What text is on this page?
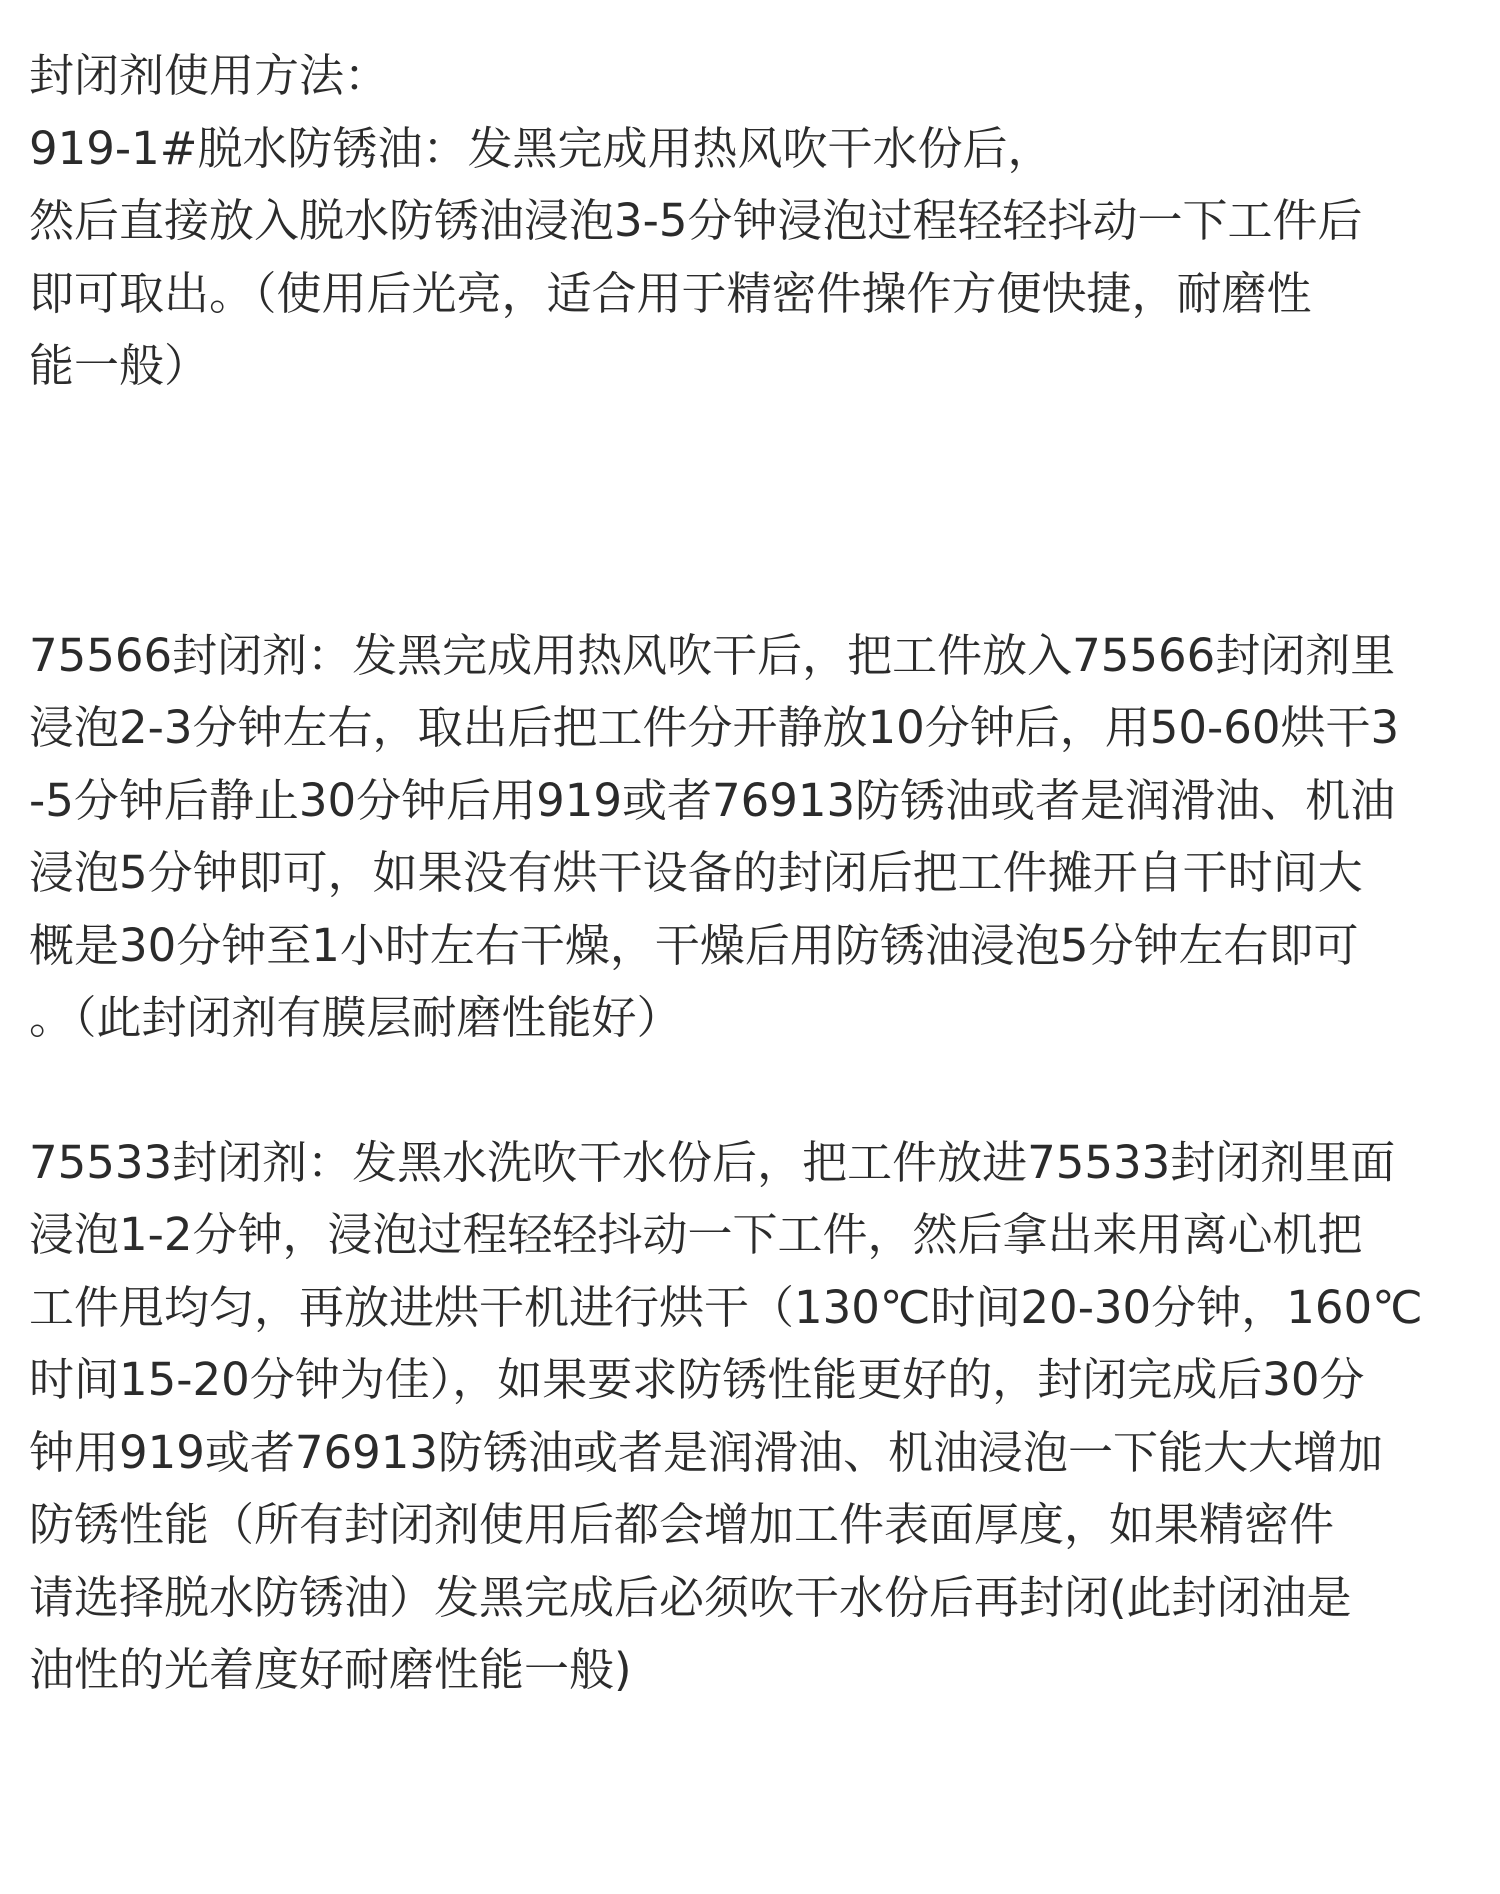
封闭剂使用方法：
919-1#脱水防锈油：发黑完成用热风吹干水份后，
然后直接放入脱水防锈油浸泡3-5分钟浸泡过程轻轻抖动一下工件后
即可取出。（使用后光亮，适合用于精密件操作方便快捷，耐磨性
能一般）
75566封闭剂：发黑完成用热风吹干后，把工件放入75566封闭剂里
浸泡2-3分钟左右，取出后把工件分开静放10分钟后，用50-60烘干3
-5分钟后静止30分钟后用919或者76913防锈油或者是润滑油、机油
浸泡5分钟即可，如果没有烘干设备的封闭后把工件摊开自干时间大
概是30分钟至1小时左右干燥，干燥后用防锈油浸泡5分钟左右即可
。（此封闭剂有膜层耐磨性能好）
75533封闭剂：发黑水洗吹干水份后，把工件放进75533封闭剂里面
浸泡1-2分钟，浸泡过程轻轻抖动一下工件，然后拿出来用离心机把
工件甩均匀，再放进烘干机进行烘干（130℃时间20-30分钟，160℃
时间15-20分钟为佳），如果要求防锈性能更好的，封闭完成后30分
钟用919或者76913防锈油或者是润滑油、机油浸泡一下能大大增加
防锈性能（所有封闭剂使用后都会增加工件表面厚度，如果精密件
请选择脱水防锈油）发黑完成后必须吹干水份后再封闭(此封闭油是
油性的光着度好耐磨性能一般)
